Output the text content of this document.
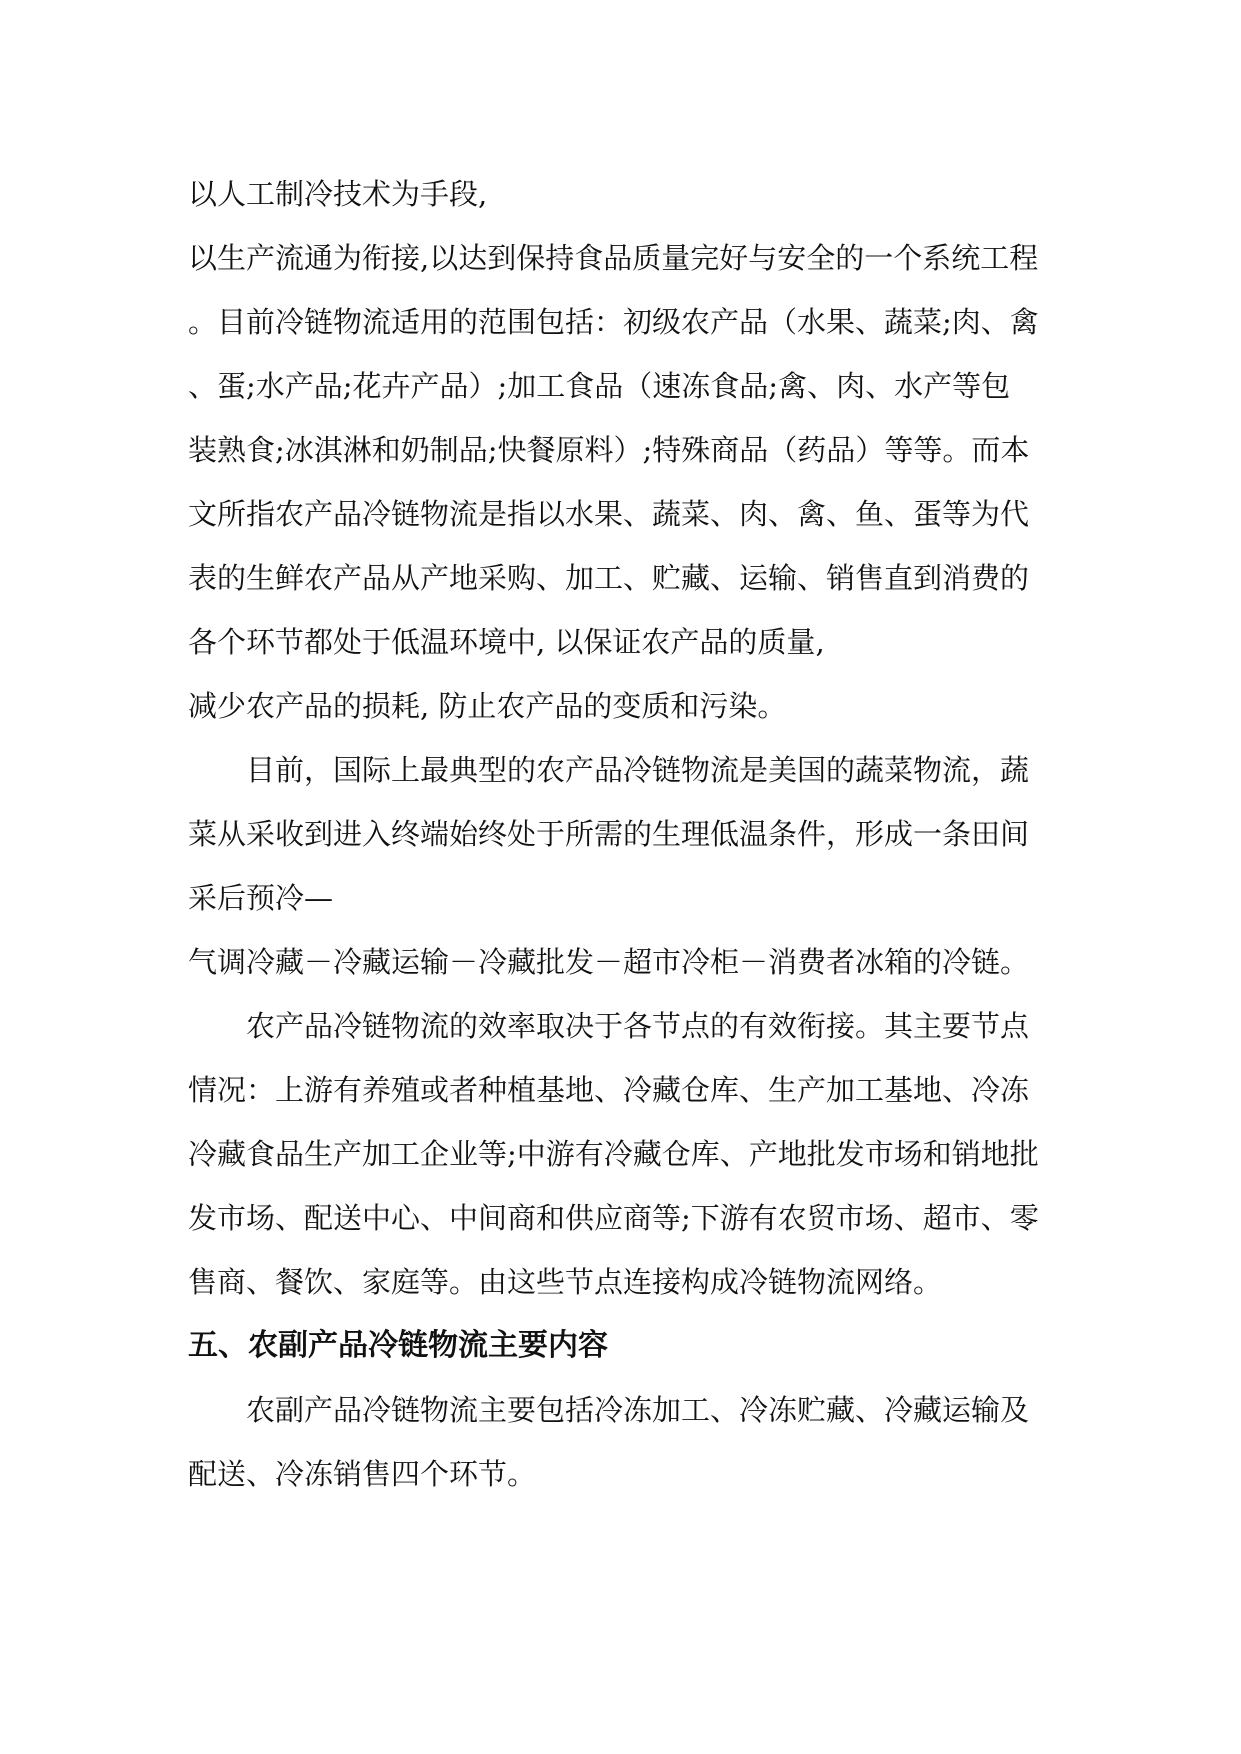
以人工制冷技术为手段,
以生产流通为衔接,以达到保持食品质量完好与安全的一个系统工程
。目前冷链物流适用的范围包括：初级农产品（水果、蔬菜;肉、禽
、蛋;水产品;花卉产品）;加工食品（速冻食品;禽、肉、水产等包
装熟食;冰淇淋和奶制品;快餐原料）;特殊商品（药品）等等。而本
文所指农产品冷链物流是指以水果、蔬菜、肉、禽、鱼、蛋等为代
表的生鲜农产品从产地采购、加工、贮藏、运输、销售直到消费的
各个环节都处于低温环境中, 以保证农产品的质量,
减少农产品的损耗, 防止农产品的变质和污染。
目前，国际上最典型的农产品冷链物流是美国的蔬菜物流，蔬
菜从采收到进入终端始终处于所需的生理低温条件，形成一条田间
采后预冷—
气调冷藏－冷藏运输－冷藏批发－超市冷柜－消费者冰箱的冷链。
农产品冷链物流的效率取决于各节点的有效衔接。其主要节点
情况：上游有养殖或者种植基地、冷藏仓库、生产加工基地、冷冻
冷藏食品生产加工企业等;中游有冷藏仓库、产地批发市场和销地批
发市场、配送中心、中间商和供应商等;下游有农贸市场、超市、零
售商、餐饮、家庭等。由这些节点连接构成冷链物流网络。
五、农副产品冷链物流主要内容
农副产品冷链物流主要包括冷冻加工、冷冻贮藏、冷藏运输及
配送、冷冻销售四个环节。
